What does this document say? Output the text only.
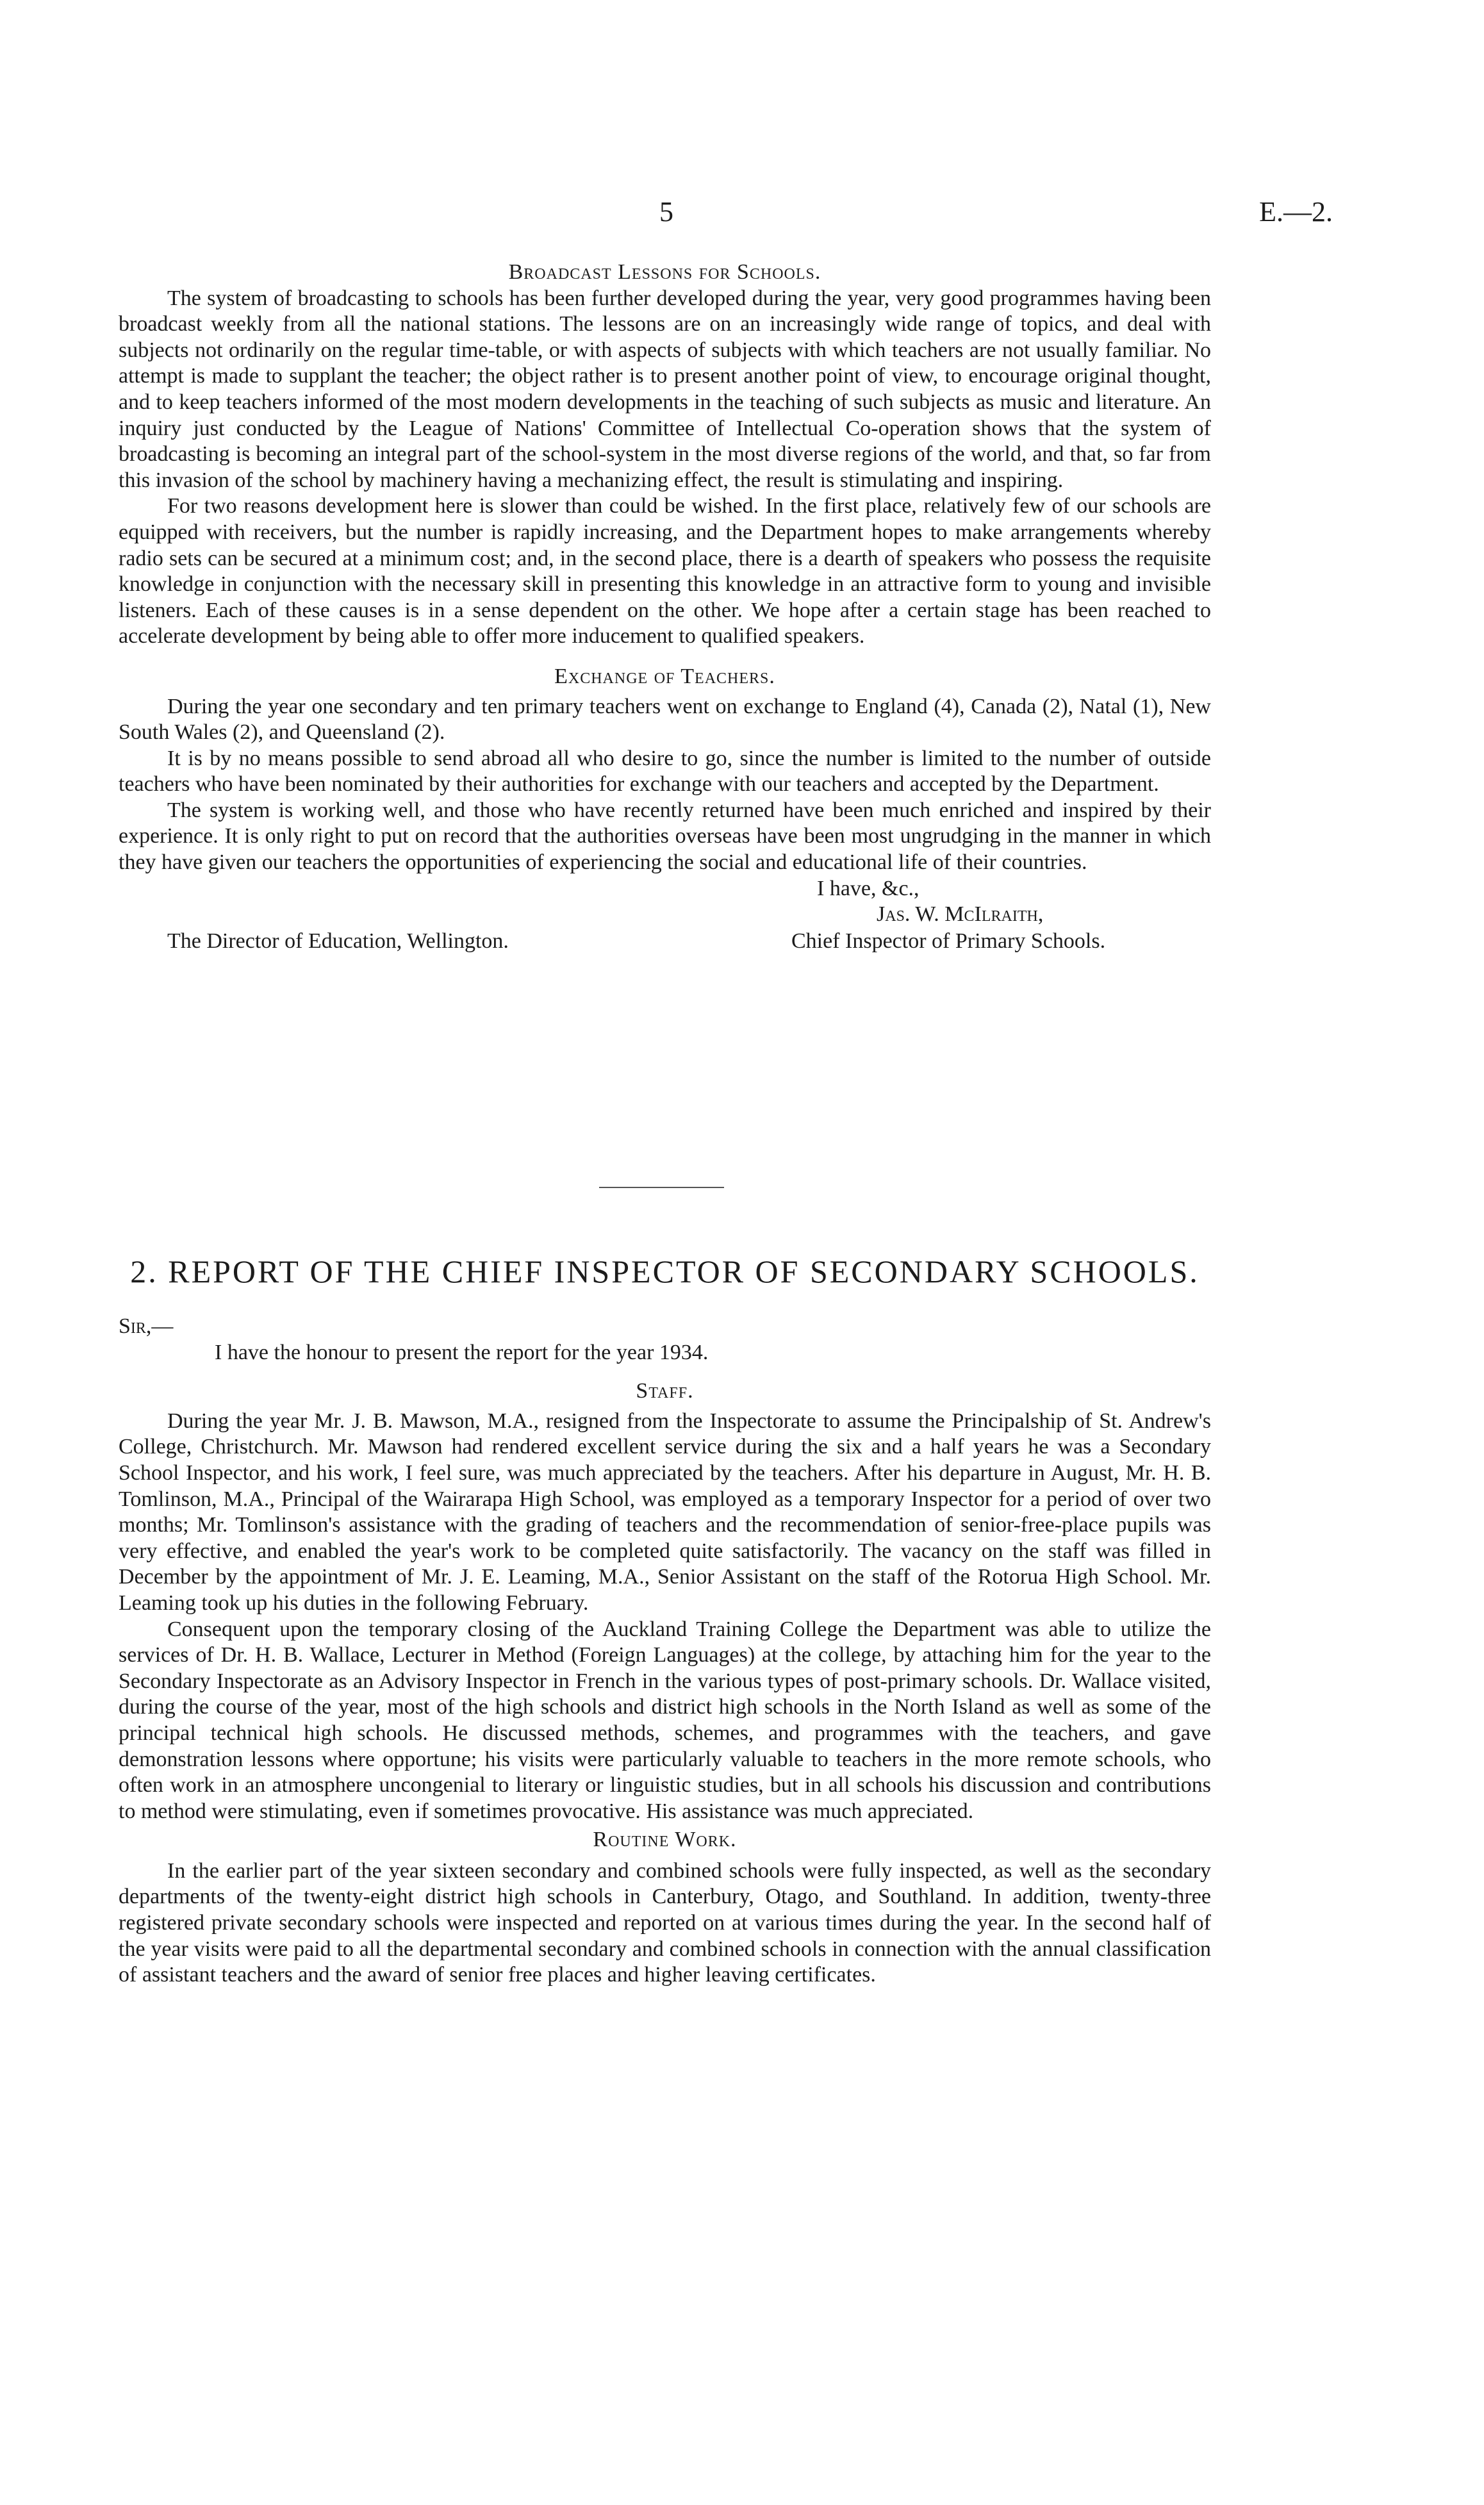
5	E.—2.
Broadcast Lessons for Schools.

The system of broadcasting to schools has been further developed during the year, very good programmes having been broadcast weekly from all the national stations. The lessons are on an increasingly wide range of topics, and deal with subjects not ordinarily on the regular time-table, or with aspects of subjects with which teachers are not usually familiar. No attempt is made to supplant the teacher; the object rather is to present another point of view, to encourage original thought, and to keep teachers informed of the most modern developments in the teaching of such subjects as music and literature. An inquiry just conducted by the League of Nations' Committee of Intellectual Co-operation shows that the system of broadcasting is becoming an integral part of the school-system in the most diverse regions of the world, and that, so far from this invasion of the school by machinery having a mechanizing effect, the result is stimulating and inspiring.

For two reasons development here is slower than could be wished. In the first place, relatively few of our schools are equipped with receivers, but the number is rapidly increasing, and the Department hopes to make arrangements whereby radio sets can be secured at a minimum cost; and, in the second place, there is a dearth of speakers who possess the requisite knowledge in conjunction with the necessary skill in presenting this knowledge in an attractive form to young and invisible listeners. Each of these causes is in a sense dependent on the other. We hope after a certain stage has been reached to accelerate development by being able to offer more inducement to qualified speakers.

Exchange of Teachers.

During the year one secondary and ten primary teachers went on exchange to England (4), Canada (2), Natal (1), New South Wales (2), and Queensland (2).

It is by no means possible to send abroad all who desire to go, since the number is limited to the number of outside teachers who have been nominated by their authorities for exchange with our teachers and accepted by the Department.

The system is working well, and those who have recently returned have been much enriched and inspired by their experience. It is only right to put on record that the authorities overseas have been most ungrudging in the manner in which they have given our teachers the opportunities of experiencing the social and educational life of their countries.

I have, &c.,
Jas. W. McIlraith,
The Director of Education, Wellington.	Chief Inspector of Primary Schools.
2. REPORT OF THE CHIEF INSPECTOR OF SECONDARY SCHOOLS.
Sir,—

I have the honour to present the report for the year 1934.

Staff.

During the year Mr. J. B. Mawson, M.A., resigned from the Inspectorate to assume the Principalship of St. Andrew's College, Christchurch. Mr. Mawson had rendered excellent service during the six and a half years he was a Secondary School Inspector, and his work, I feel sure, was much appreciated by the teachers. After his departure in August, Mr. H. B. Tomlinson, M.A., Principal of the Wairarapa High School, was employed as a temporary Inspector for a period of over two months; Mr. Tomlinson's assistance with the grading of teachers and the recommendation of senior-free-place pupils was very effective, and enabled the year's work to be completed quite satisfactorily. The vacancy on the staff was filled in December by the appointment of Mr. J. E. Leaming, M.A., Senior Assistant on the staff of the Rotorua High School. Mr. Leaming took up his duties in the following February.

Consequent upon the temporary closing of the Auckland Training College the Department was able to utilize the services of Dr. H. B. Wallace, Lecturer in Method (Foreign Languages) at the college, by attaching him for the year to the Secondary Inspectorate as an Advisory Inspector in French in the various types of post-primary schools. Dr. Wallace visited, during the course of the year, most of the high schools and district high schools in the North Island as well as some of the principal technical high schools. He discussed methods, schemes, and programmes with the teachers, and gave demonstration lessons where opportune; his visits were particularly valuable to teachers in the more remote schools, who often work in an atmosphere uncongenial to literary or linguistic studies, but in all schools his discussion and contributions to method were stimulating, even if sometimes provocative. His assistance was much appreciated.

Routine Work.

In the earlier part of the year sixteen secondary and combined schools were fully inspected, as well as the secondary departments of the twenty-eight district high schools in Canterbury, Otago, and Southland. In addition, twenty-three registered private secondary schools were inspected and reported on at various times during the year. In the second half of the year visits were paid to all the departmental secondary and combined schools in connection with the annual classification of assistant teachers and the award of senior free places and higher leaving certificates.
